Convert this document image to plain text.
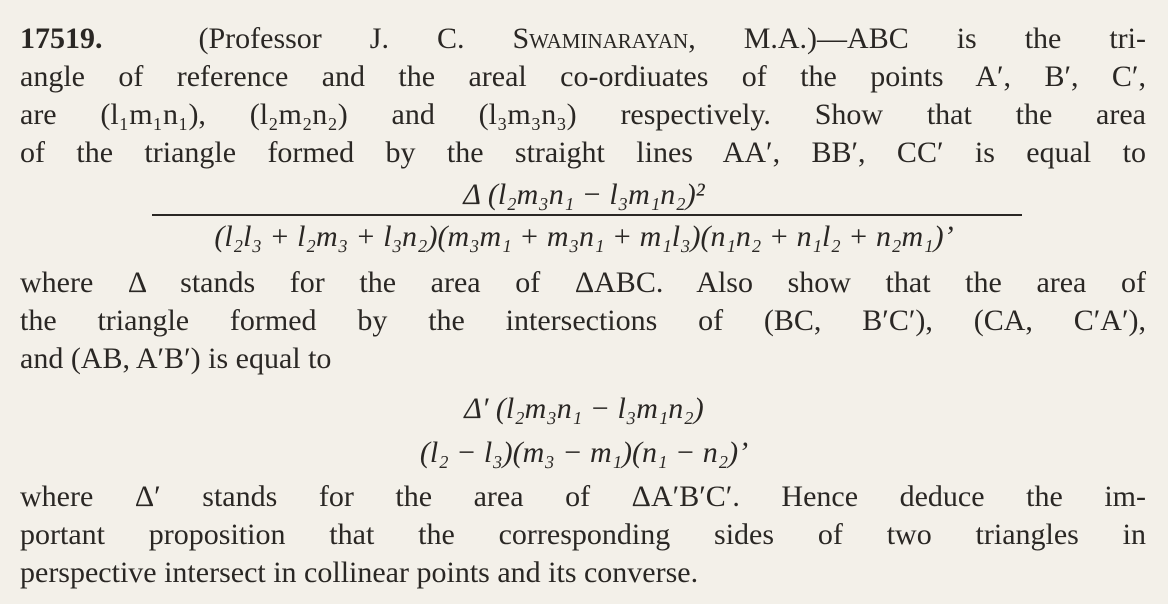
17519.	(Professor J. C. Swaminarayan, M.A.)—ABC is the tri-
angle of reference and the areal co-ordiuates of the points A′, B′, C′,
are (l₁m₁n₁), (l₂m₂n₂) and (l₃m₃n₃) respectively. Show that the area
of the triangle formed by the straight lines AA′, BB′, CC′ is equal to
Δ (l₂m₃n₁ − l₃m₁n₂)²
(l₂l₃ + l₂m₃ + l₃n₂)(m₃m₁ + m₃n₁ + m₁l₃)(n₁n₂ + n₁l₂ + n₂m₁)’
where Δ stands for the area of ΔABC. Also show that the area of
the triangle formed by the intersections of (BC, B′C′), (CA, C′A′),
and (AB, A′B′) is equal to
Δ′ (l₂m₃n₁ − l₃m₁n₂)
(l₂ − l₃)(m₃ − m₁)(n₁ − n₂)’
where Δ′ stands for the area of ΔA′B′C′. Hence deduce the im-
portant proposition that the corresponding sides of two triangles in
perspective intersect in collinear points and its converse.
